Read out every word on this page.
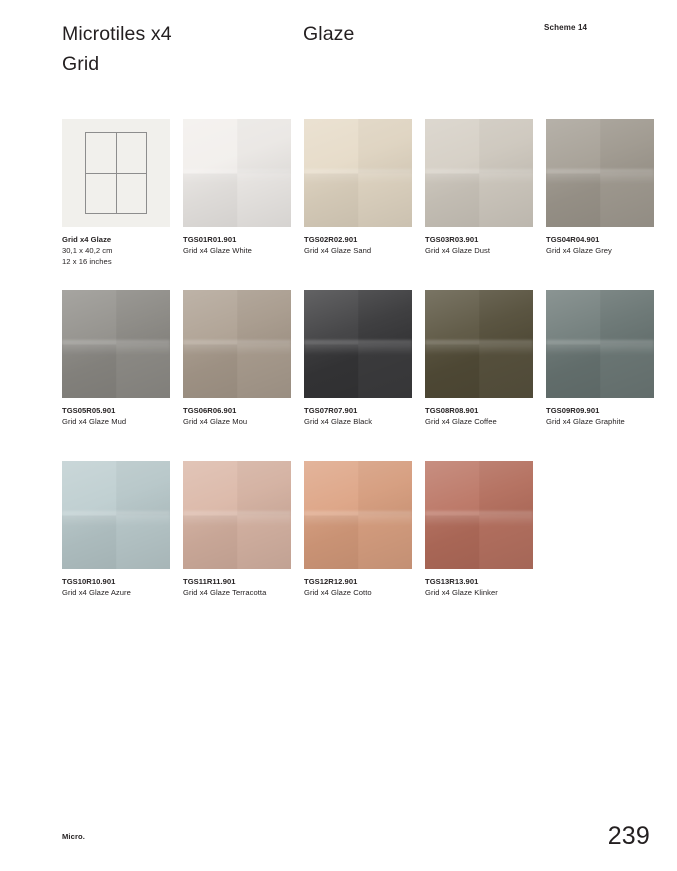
Microtiles x4
Grid
Glaze	Scheme 14
Grid x4 Glaze
30,1 x 40,2 cm
12 x 16 inches
TGS01R01.901
Grid x4 Glaze White
TGS02R02.901
Grid x4 Glaze Sand
TGS03R03.901
Grid x4 Glaze Dust
TGS04R04.901
Grid x4 Glaze Grey
TGS05R05.901
Grid x4 Glaze Mud
TGS06R06.901
Grid x4 Glaze Mou
TGS07R07.901
Grid x4 Glaze Black
TGS08R08.901
Grid x4 Glaze Coffee
TGS09R09.901
Grid x4 Glaze Graphite
TGS10R10.901
Grid x4 Glaze Azure
TGS11R11.901
Grid x4 Glaze Terracotta
TGS12R12.901
Grid x4 Glaze Cotto
TGS13R13.901
Grid x4 Glaze Klinker
Micro.	239
